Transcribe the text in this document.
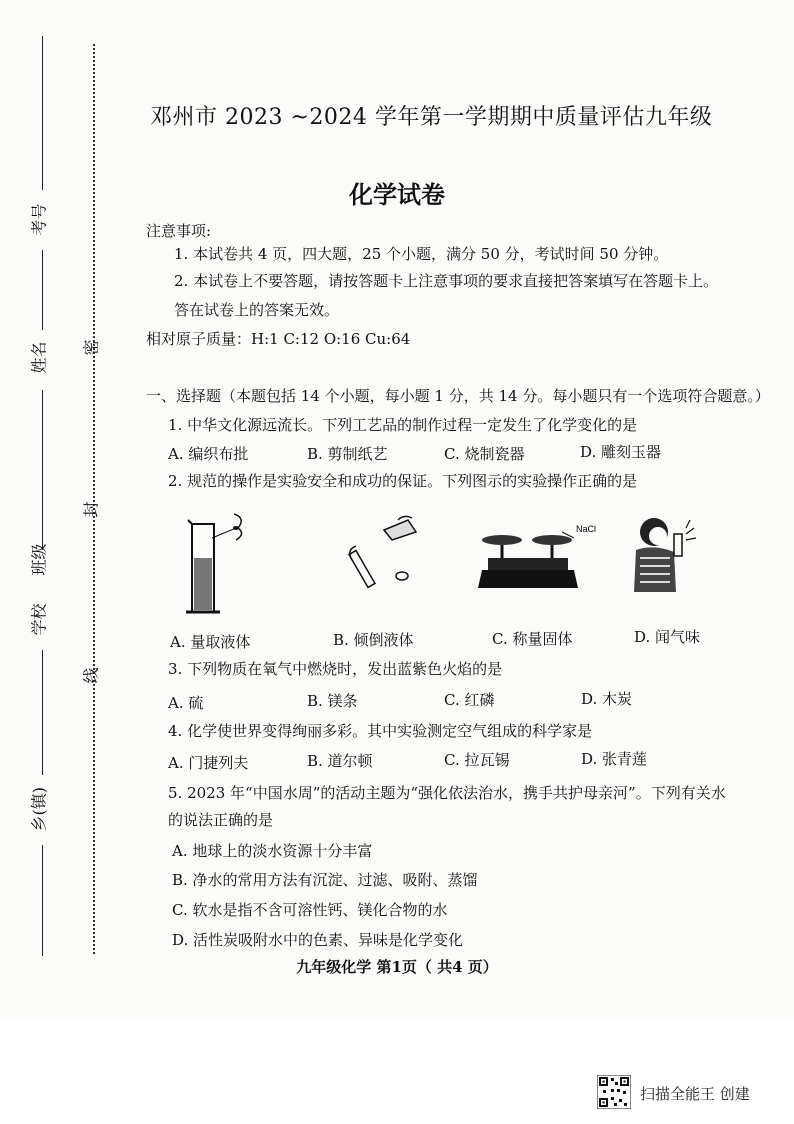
考号
姓名
班级
学校
乡(镇)
密
封
线
邓州市 2023 ~2024 学年第一学期期中质量评估九年级
化学试卷
注意事项:
1. 本试卷共 4 页，四大题，25 个小题，满分 50 分，考试时间 50 分钟。
2. 本试卷上不要答题，请按答题卡上注意事项的要求直接把答案填写在答题卡上。
答在试卷上的答案无效。
相对原子质量：H:1 C:12 O:16 Cu:64
一、选择题（本题包括 14 个小题，每小题 1 分，共 14 分。每小题只有一个选项符合题意。）
1. 中华文化源远流长。下列工艺品的制作过程一定发生了化学变化的是
A. 编织布批	B. 剪制纸艺	C. 烧制瓷器	D. 雕刻玉器
2. 规范的操作是实验安全和成功的保证。下列图示的实验操作正确的是
NaCl
A. 量取液体	B. 倾倒液体	C. 称量固体	D. 闻气味
3. 下列物质在氧气中燃烧时，发出蓝紫色火焰的是
A. 硫	B. 镁条	C. 红磷	D. 木炭
4. 化学使世界变得绚丽多彩。其中实验测定空气组成的科学家是
A. 门捷列夫	B. 道尔顿	C. 拉瓦锡	D. 张青莲
5. 2023 年“中国水周”的活动主题为“强化依法治水，携手共护母亲河”。下列有关水
的说法正确的是
A. 地球上的淡水资源十分丰富
B. 净水的常用方法有沉淀、过滤、吸附、蒸馏
C. 软水是指不含可溶性钙、镁化合物的水
D. 活性炭吸附水中的色素、异味是化学变化
九年级化学 第1页（ 共4 页）
扫描全能王 创建
